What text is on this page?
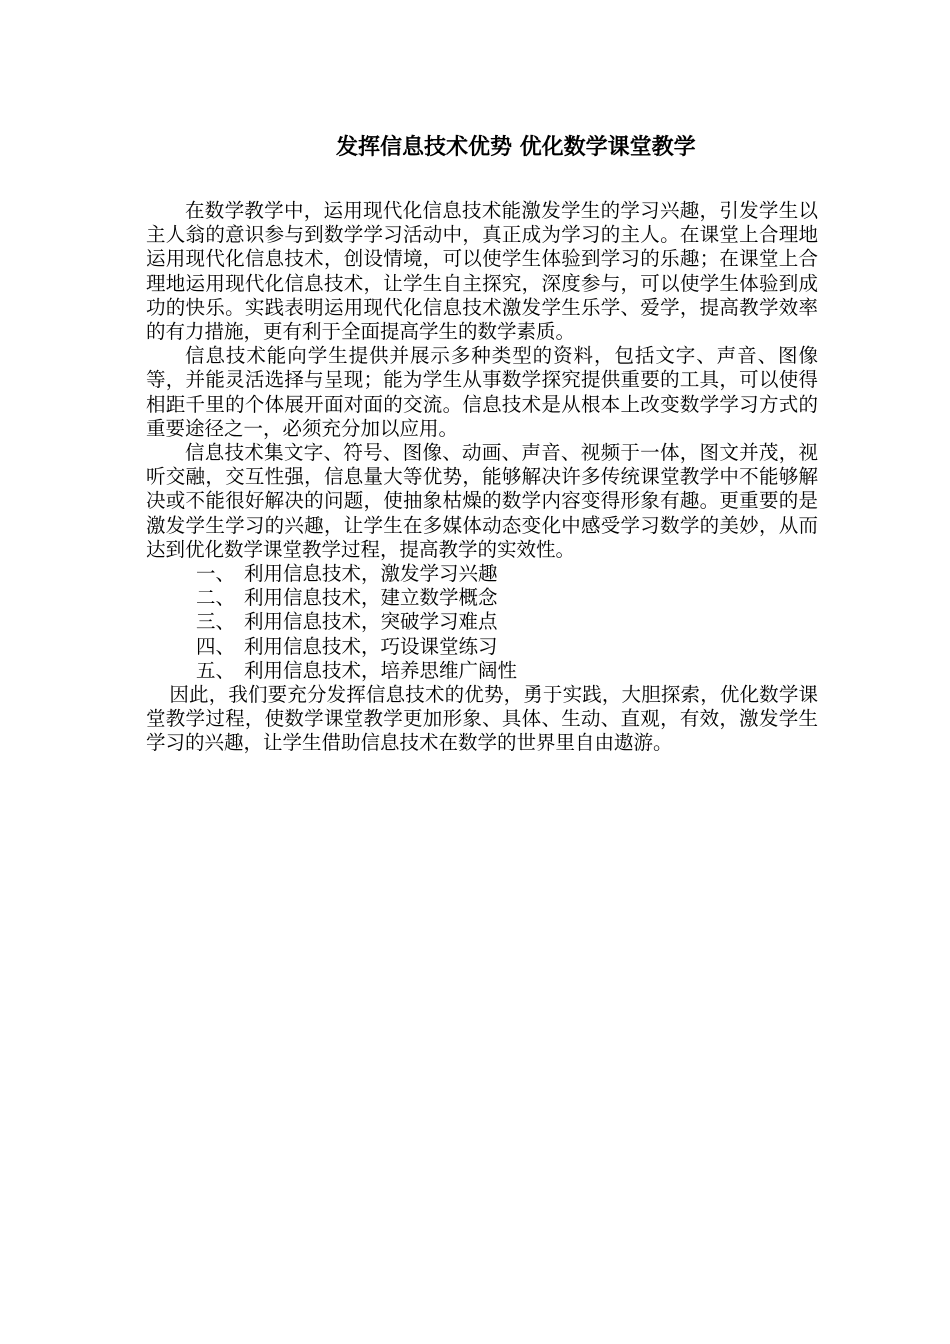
发挥信息技术优势 优化数学课堂教学

在数学教学中，运用现代化信息技术能激发学生的学习兴趣，引发学生以主人翁的意识参与到数学学习活动中，真正成为学习的主人。在课堂上合理地运用现代化信息技术，创设情境，可以使学生体验到学习的乐趣；在课堂上合理地运用现代化信息技术，让学生自主探究，深度参与，可以使学生体验到成功的快乐。实践表明运用现代化信息技术激发学生乐学、爱学，提高教学效率的有力措施，更有利于全面提高学生的数学素质。

信息技术能向学生提供并展示多种类型的资料，包括文字、声音、图像等，并能灵活选择与呈现；能为学生从事数学探究提供重要的工具，可以使得相距千里的个体展开面对面的交流。信息技术是从根本上改变数学学习方式的重要途径之一，必须充分加以应用。

信息技术集文字、符号、图像、动画、声音、视频于一体，图文并茂，视听交融，交互性强，信息量大等优势，能够解决许多传统课堂教学中不能够解决或不能很好解决的问题，使抽象枯燥的数学内容变得形象有趣。更重要的是激发学生学习的兴趣，让学生在多媒体动态变化中感受学习数学的美妙，从而达到优化数学课堂教学过程，提高教学的实效性。

一、 利用信息技术，激发学习兴趣
二、 利用信息技术，建立数学概念
三、 利用信息技术，突破学习难点
四、 利用信息技术，巧设课堂练习
五、 利用信息技术，培养思维广阔性

因此，我们要充分发挥信息技术的优势，勇于实践，大胆探索，优化数学课堂教学过程，使数学课堂教学更加形象、具体、生动、直观，有效，激发学生学习的兴趣，让学生借助信息技术在数学的世界里自由遨游。
